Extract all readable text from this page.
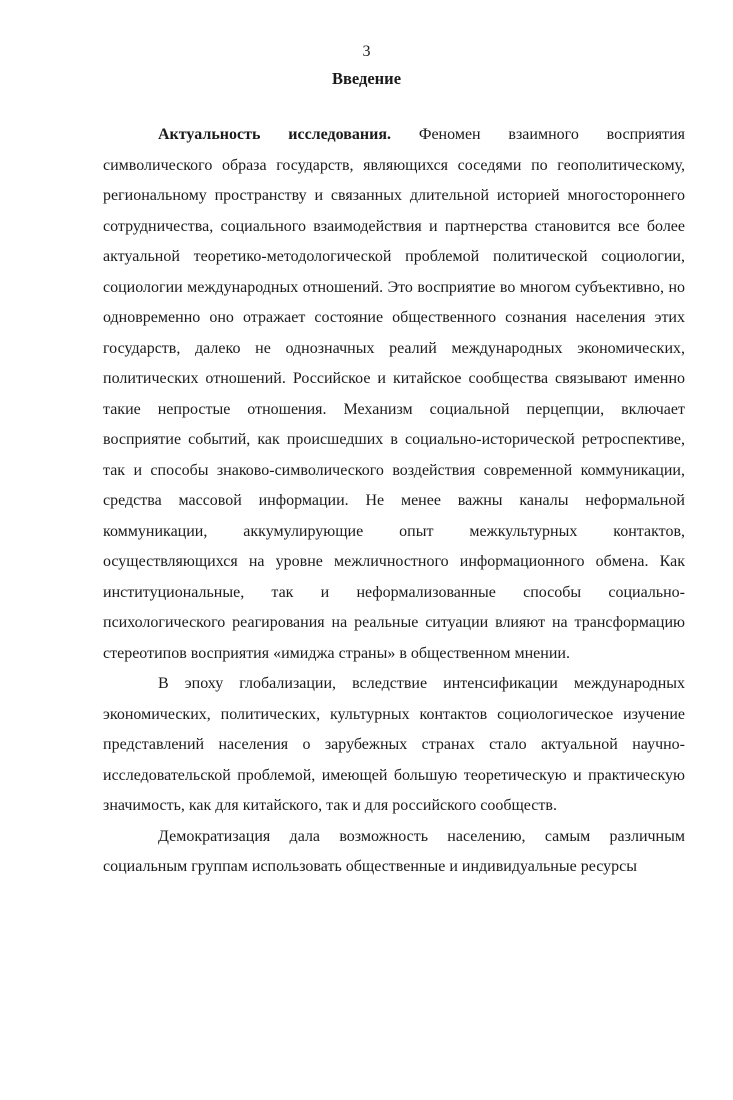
3
Введение

Актуальность исследования. Феномен взаимного восприятия символического образа государств, являющихся соседями по геополитическому, региональному пространству и связанных длительной историей многостороннего сотрудничества, социального взаимодействия и партнерства становится все более актуальной теоретико-методологической проблемой политической социологии, социологии международных отношений. Это восприятие во многом субъективно, но одновременно оно отражает состояние общественного сознания населения этих государств, далеко не однозначных реалий международных экономических, политических отношений. Российское и китайское сообщества связывают именно такие непростые отношения. Механизм социальной перцепции, включает восприятие событий, как происшедших в социально-исторической ретроспективе, так и способы знаково-символического воздействия современной коммуникации, средства массовой информации. Не менее важны каналы неформальной коммуникации, аккумулирующие опыт межкультурных контактов, осуществляющихся на уровне межличностного информационного обмена. Как институциональные, так и неформализованные способы социально-психологического реагирования на реальные ситуации влияют на трансформацию стереотипов восприятия «имиджа страны» в общественном мнении.

В эпоху глобализации, вследствие интенсификации международных экономических, политических, культурных контактов социологическое изучение представлений населения о зарубежных странах стало актуальной научно-исследовательской проблемой, имеющей большую теоретическую и практическую значимость, как для китайского, так и для российского сообществ.

Демократизация дала возможность населению, самым различным социальным группам использовать общественные и индивидуальные ресурсы
